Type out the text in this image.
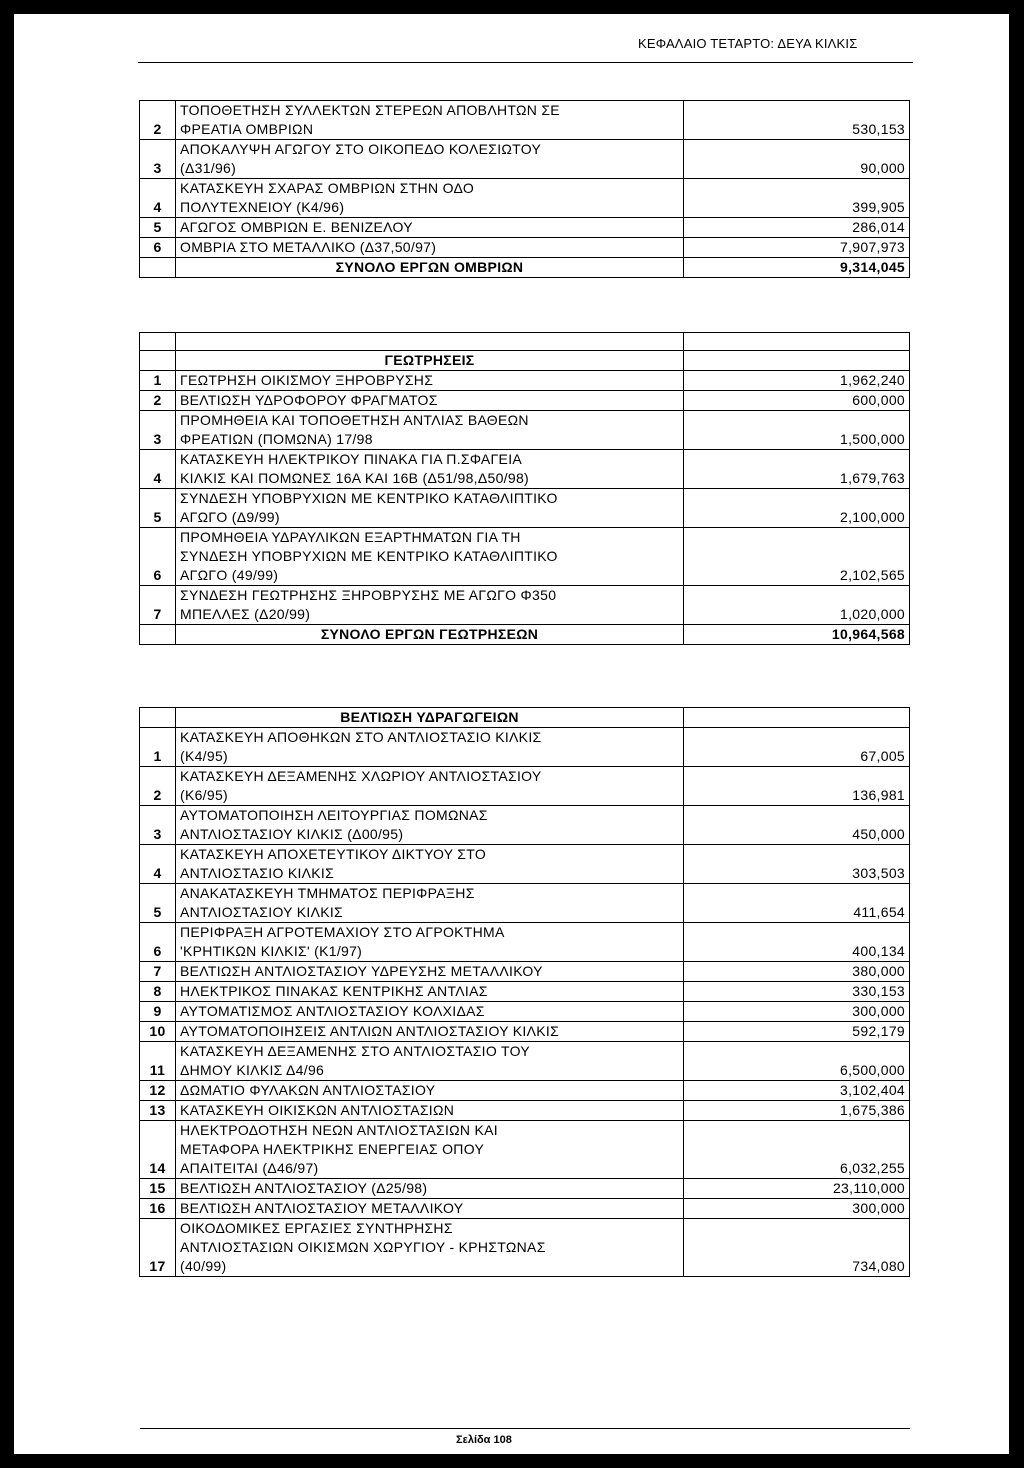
ΚΕΦΑΛΑΙΟ ΤΕΤΑΡΤΟ: ΔΕΥΑ ΚΙΛΚΙΣ
2	ΤΟΠΟΘΕΤΗΣΗ ΣΥΛΛΕΚΤΩΝ ΣΤΕΡΕΩΝ ΑΠΟΒΛΗΤΩΝ ΣΕ
ΦΡΕΑΤΙΑ ΟΜΒΡΙΩΝ	530,153
3	ΑΠΟΚΑΛΥΨΗ ΑΓΩΓΟΥ ΣΤΟ ΟΙΚΟΠΕΔΟ ΚΟΛΕΣΙΩΤΟΥ
(Δ31/96)	90,000
4	ΚΑΤΑΣΚΕΥΗ ΣΧΑΡΑΣ ΟΜΒΡΙΩΝ ΣΤΗΝ ΟΔΟ
ΠΟΛΥΤΕΧΝΕΙΟΥ (Κ4/96)	399,905
5	ΑΓΩΓΟΣ ΟΜΒΡΙΩΝ Ε. ΒΕΝΙΖΕΛΟΥ	286,014
6	ΟΜΒΡΙΑ ΣΤΟ ΜΕΤΑΛΛΙΚΟ (Δ37,50/97)	7,907,973
	ΣΥΝΟΛΟ ΕΡΓΩΝ ΟΜΒΡΙΩΝ	9,314,045

	ΓΕΩΤΡΗΣΕΙΣ	
1	ΓΕΩΤΡΗΣΗ ΟΙΚΙΣΜΟΥ ΞΗΡΟΒΡΥΣΗΣ	1,962,240
2	ΒΕΛΤΙΩΣΗ ΥΔΡΟΦΟΡΟΥ ΦΡΑΓΜΑΤΟΣ	600,000
3	ΠΡΟΜΗΘΕΙΑ ΚΑΙ ΤΟΠΟΘΕΤΗΣΗ ΑΝΤΛΙΑΣ ΒΑΘΕΩΝ
ΦΡΕΑΤΙΩΝ (ΠΟΜΩΝΑ) 17/98	1,500,000
4	ΚΑΤΑΣΚΕΥΗ ΗΛΕΚΤΡΙΚΟΥ ΠΙΝΑΚΑ ΓΙΑ Π.ΣΦΑΓΕΙΑ
ΚΙΛΚΙΣ ΚΑΙ ΠΟΜΩΝΕΣ 16Α ΚΑΙ 16Β (Δ51/98,Δ50/98)	1,679,763
5	ΣΥΝΔΕΣΗ ΥΠΟΒΡΥΧΙΩΝ ΜΕ ΚΕΝΤΡΙΚΟ ΚΑΤΑΘΛΙΠΤΙΚΟ
ΑΓΩΓΟ (Δ9/99)	2,100,000
6	ΠΡΟΜΗΘΕΙΑ ΥΔΡΑΥΛΙΚΩΝ ΕΞΑΡΤΗΜΑΤΩΝ ΓΙΑ ΤΗ
ΣΥΝΔΕΣΗ ΥΠΟΒΡΥΧΙΩΝ ΜΕ ΚΕΝΤΡΙΚΟ ΚΑΤΑΘΛΙΠΤΙΚΟ
ΑΓΩΓΟ (49/99)	2,102,565
7	ΣΥΝΔΕΣΗ ΓΕΩΤΡΗΣΗΣ ΞΗΡΟΒΡΥΣΗΣ ΜΕ ΑΓΩΓΟ Φ350
ΜΠΕΛΛΕΣ (Δ20/99)	1,020,000
	ΣΥΝΟΛΟ ΕΡΓΩΝ ΓΕΩΤΡΗΣΕΩΝ	10,964,568
	ΒΕΛΤΙΩΣΗ ΥΔΡΑΓΩΓΕΙΩΝ	
1	ΚΑΤΑΣΚΕΥΗ ΑΠΟΘΗΚΩΝ ΣΤΟ ΑΝΤΛΙΟΣΤΑΣΙΟ ΚΙΛΚΙΣ
(Κ4/95)	67,005
2	ΚΑΤΑΣΚΕΥΗ ΔΕΞΑΜΕΝΗΣ ΧΛΩΡΙΟΥ ΑΝΤΛΙΟΣΤΑΣΙΟΥ
(Κ6/95)	136,981
3	ΑΥΤΟΜΑΤΟΠΟΙΗΣΗ ΛΕΙΤΟΥΡΓΙΑΣ ΠΟΜΩΝΑΣ
ΑΝΤΛΙΟΣΤΑΣΙΟΥ ΚΙΛΚΙΣ (Δ00/95)	450,000
4	ΚΑΤΑΣΚΕΥΗ ΑΠΟΧΕΤΕΥΤΙΚΟΥ ΔΙΚΤΥΟΥ ΣΤΟ
ΑΝΤΛΙΟΣΤΑΣΙΟ ΚΙΛΚΙΣ	303,503
5	ΑΝΑΚΑΤΑΣΚΕΥΗ ΤΜΗΜΑΤΟΣ ΠΕΡΙΦΡΑΞΗΣ
ΑΝΤΛΙΟΣΤΑΣΙΟΥ ΚΙΛΚΙΣ	411,654
6	ΠΕΡΙΦΡΑΞΗ ΑΓΡΟΤΕΜΑΧΙΟΥ ΣΤΟ ΑΓΡΟΚΤΗΜΑ
'ΚΡΗΤΙΚΩΝ ΚΙΛΚΙΣ' (Κ1/97)	400,134
7	ΒΕΛΤΙΩΣΗ ΑΝΤΛΙΟΣΤΑΣΙΟΥ ΥΔΡΕΥΣΗΣ ΜΕΤΑΛΛΙΚΟΥ	380,000
8	ΗΛΕΚΤΡΙΚΟΣ ΠΙΝΑΚΑΣ ΚΕΝΤΡΙΚΗΣ ΑΝΤΛΙΑΣ	330,153
9	ΑΥΤΟΜΑΤΙΣΜΟΣ ΑΝΤΛΙΟΣΤΑΣΙΟΥ ΚΟΛΧΙΔΑΣ	300,000
10	ΑΥΤΟΜΑΤΟΠΟΙΗΣΕΙΣ ΑΝΤΛΙΩΝ ΑΝΤΛΙΟΣΤΑΣΙΟΥ ΚΙΛΚΙΣ	592,179
11	ΚΑΤΑΣΚΕΥΗ ΔΕΞΑΜΕΝΗΣ ΣΤΟ ΑΝΤΛΙΟΣΤΑΣΙΟ ΤΟΥ
ΔΗΜΟΥ ΚΙΛΚΙΣ Δ4/96	6,500,000
12	ΔΩΜΑΤΙΟ ΦΥΛΑΚΩΝ ΑΝΤΛΙΟΣΤΑΣΙΟΥ	3,102,404
13	ΚΑΤΑΣΚΕΥΗ ΟΙΚΙΣΚΩΝ ΑΝΤΛΙΟΣΤΑΣΙΩΝ	1,675,386
14	ΗΛΕΚΤΡΟΔΟΤΗΣΗ ΝΕΩΝ ΑΝΤΛΙΟΣΤΑΣΙΩΝ ΚΑΙ
ΜΕΤΑΦΟΡΑ ΗΛΕΚΤΡΙΚΗΣ ΕΝΕΡΓΕΙΑΣ ΟΠΟΥ
ΑΠΑΙΤΕΙΤΑΙ (Δ46/97)	6,032,255
15	ΒΕΛΤΙΩΣΗ ΑΝΤΛΙΟΣΤΑΣΙΟΥ (Δ25/98)	23,110,000
16	ΒΕΛΤΙΩΣΗ ΑΝΤΛΙΟΣΤΑΣΙΟΥ ΜΕΤΑΛΛΙΚΟΥ	300,000
17	ΟΙΚΟΔΟΜΙΚΕΣ ΕΡΓΑΣΙΕΣ ΣΥΝΤΗΡΗΣΗΣ
ΑΝΤΛΙΟΣΤΑΣΙΩΝ ΟΙΚΙΣΜΩΝ ΧΩΡΥΓΙΟΥ - ΚΡΗΣΤΩΝΑΣ
(40/99)	734,080
Σελίδα 108
